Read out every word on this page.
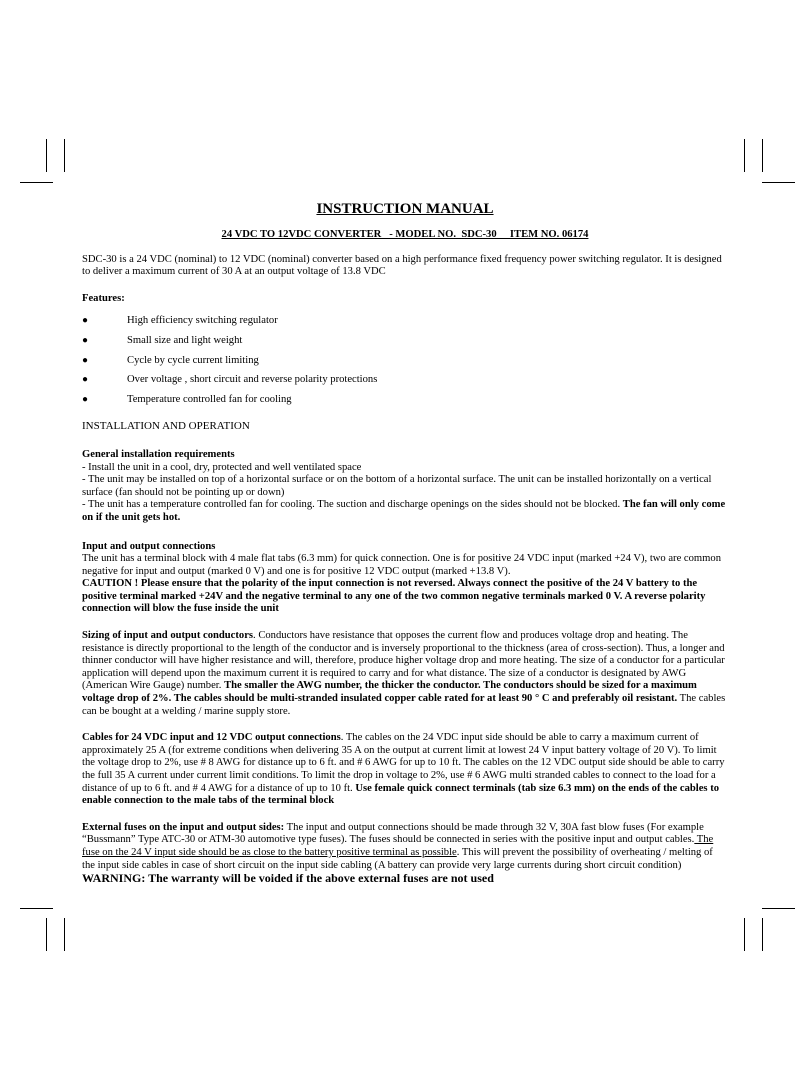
INSTRUCTION MANUAL

24 VDC TO 12VDC CONVERTER   - MODEL NO.  SDC-30     ITEM NO. 06174

SDC-30 is a 24 VDC (nominal) to 12 VDC (nominal) converter based on a high performance fixed frequency power switching regulator. It is designed to deliver a maximum current of 30 A at an output voltage of 13.8 VDC

Features:

●	High efficiency switching regulator
●	Small size and light weight
●	Cycle by cycle current limiting
●	Over voltage , short circuit and reverse polarity protections
●	Temperature controlled fan for cooling

INSTALLATION AND OPERATION

General installation requirements

- Install the unit in a cool, dry, protected and well ventilated space

- The unit may be installed on top of a horizontal surface or on the bottom of a horizontal surface. The unit can be installed horizontally on a vertical surface (fan should not be pointing up or down)

- The unit has a temperature controlled fan for cooling. The suction and discharge openings on the sides should not be blocked. The fan will only come on if the unit gets hot.

Input and output connections

The unit has a terminal block with 4 male flat tabs (6.3 mm) for quick connection. One is for positive 24 VDC input (marked +24 V), two are common negative for input and output (marked 0 V) and one is for positive 12 VDC output (marked +13.8 V).

CAUTION ! Please ensure that the polarity of the input connection is not reversed. Always connect the positive of the 24 V battery to the positive terminal marked +24V and the negative terminal to any one of the two common negative terminals marked 0 V. A reverse polarity connection will blow the fuse inside the unit

Sizing of input and output conductors. Conductors have resistance that opposes the current flow and produces voltage drop and heating. The resistance is directly proportional to the length of the conductor and is inversely proportional to the thickness (area of cross-section). Thus, a longer and thinner conductor will have higher resistance and will, therefore, produce higher voltage drop and more heating. The size of a conductor for a particular application will depend upon the maximum current it is required to carry and for what distance. The size of a conductor is designated by AWG (American Wire Gauge) number. The smaller the AWG number, the thicker the conductor. The conductors should be sized for a maximum voltage drop of 2%. The cables should be multi-stranded insulated copper cable rated for at least 90 ° C and preferably oil resistant. The cables can be bought at a welding / marine supply store.

Cables for 24 VDC input and 12 VDC output connections. The cables on the 24 VDC input side should be able to carry a maximum current of approximately 25 A (for extreme conditions when delivering 35 A on the output at current limit at lowest 24 V input battery voltage of 20 V). To limit the voltage drop to 2%, use # 8 AWG for distance up to 6 ft. and # 6 AWG for up to 10 ft. The cables on the 12 VDC output side should be able to carry the full 35 A current under current limit conditions. To limit the drop in voltage to 2%, use # 6 AWG multi stranded cables to connect to the load for a distance of up to 6 ft. and # 4 AWG for a distance of up to 10 ft. Use female quick connect terminals (tab size 6.3 mm) on the ends of the cables to enable connection to the male tabs of the terminal block

External fuses on the input and output sides: The input and output connections should be made through 32 V, 30A fast blow fuses (For example “Bussmann” Type ATC-30 or ATM-30 automotive type fuses). The fuses should be connected in series with the positive input and output cables. The fuse on the 24 V input side should be as close to the battery positive terminal as possible. This will prevent the possibility of overheating / melting of the input side cables in case of short circuit on the input side cabling (A battery can provide very large currents during short circuit condition) WARNING: The warranty will be voided if the above external fuses are not used
